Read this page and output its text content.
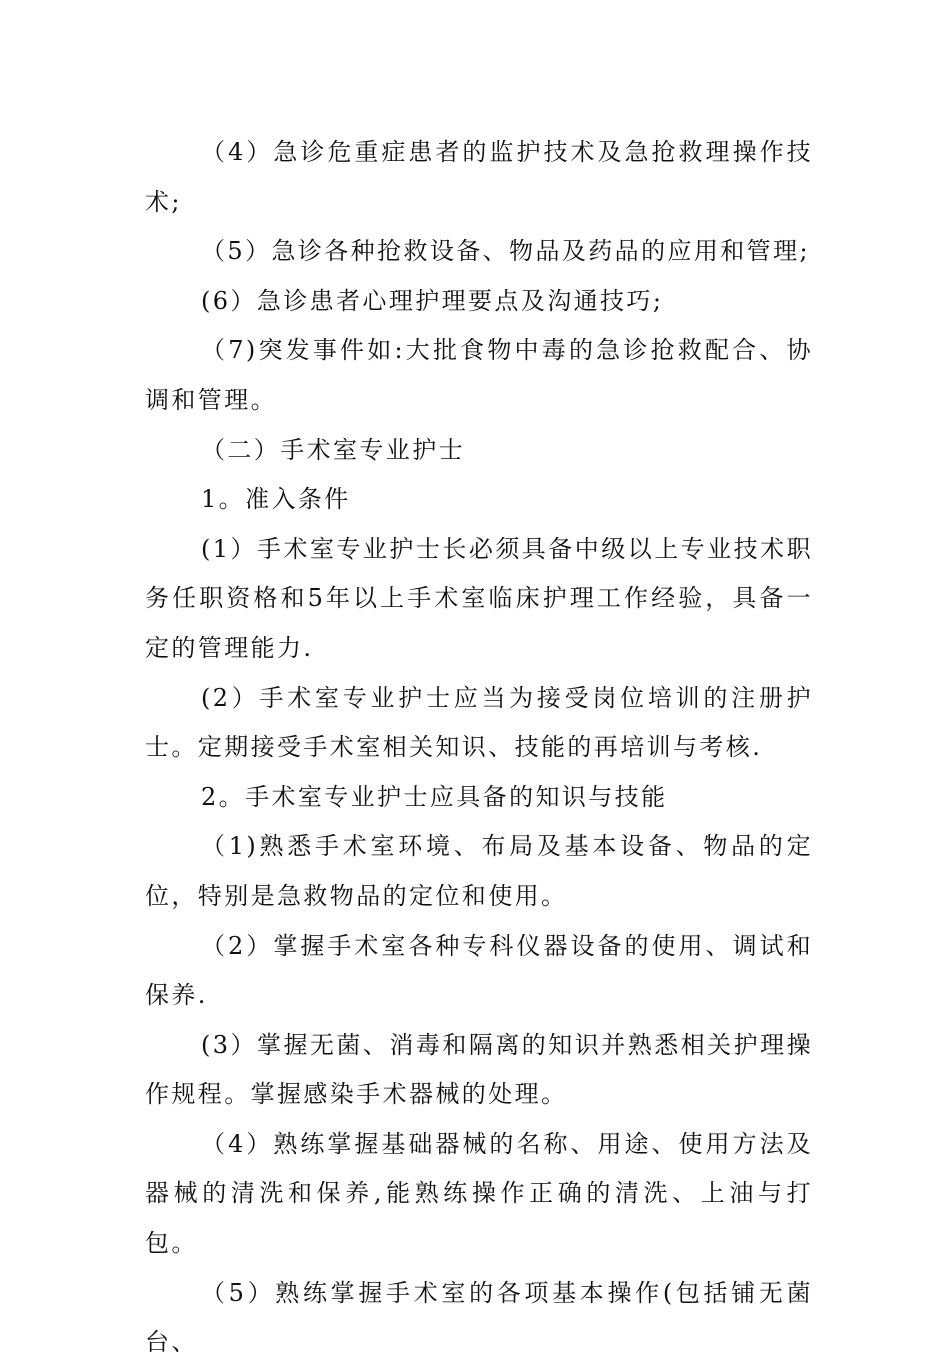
（4）急诊危重症患者的监护技术及急抢救理操作技术;

（5）急诊各种抢救设备、物品及药品的应用和管理;

(6）急诊患者心理护理要点及沟通技巧;

（7)突发事件如:大批食物中毒的急诊抢救配合、协调和管理。

（二）手术室专业护士

1。准入条件

(1）手术室专业护士长必须具备中级以上专业技术职务任职资格和5年以上手术室临床护理工作经验，具备一定的管理能力.

(2）手术室专业护士应当为接受岗位培训的注册护士。定期接受手术室相关知识、技能的再培训与考核.

2。手术室专业护士应具备的知识与技能

（1)熟悉手术室环境、布局及基本设备、物品的定位，特别是急救物品的定位和使用。

（2）掌握手术室各种专科仪器设备的使用、调试和保养.

(3）掌握无菌、消毒和隔离的知识并熟悉相关护理操作规程。掌握感染手术器械的处理。

（4）熟练掌握基础器械的名称、用途、使用方法及器械的清洗和保养,能熟练操作正确的清洗、上油与打包。

（5）熟练掌握手术室的各项基本操作(包括铺无菌台、
